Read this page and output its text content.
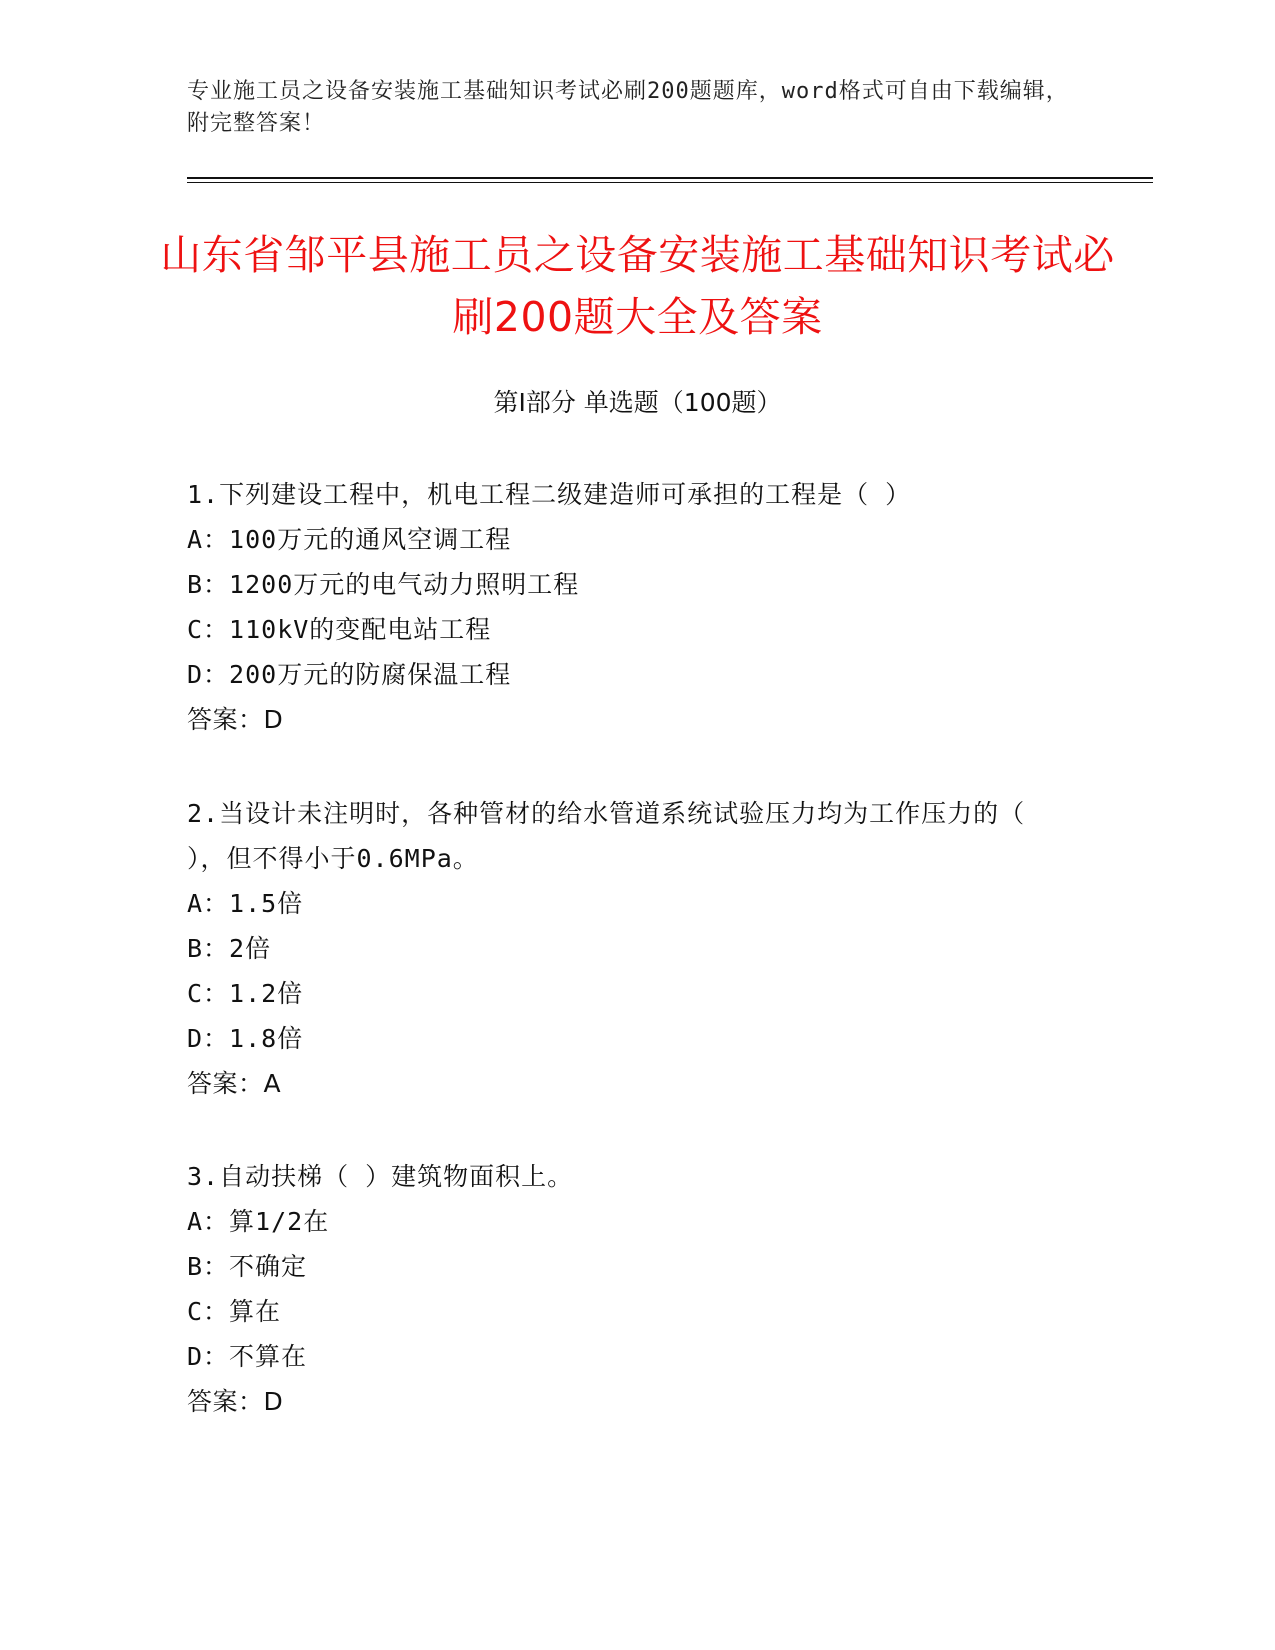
专业施工员之设备安装施工基础知识考试必刷200题题库，word格式可自由下载编辑，附完整答案！
山东省邹平县施工员之设备安装施工基础知识考试必刷200题大全及答案
第Ⅰ部分 单选题（100题）
1.下列建设工程中，机电工程二级建造师可承担的工程是（ ）
A：100万元的通风空调工程
B：1200万元的电气动力照明工程
C：110kV的变配电站工程
D：200万元的防腐保温工程
答案：D
2.当设计未注明时，各种管材的给水管道系统试验压力均为工作压力的（ ），但不得小于0.6MPa。
A：1.5倍
B：2倍
C：1.2倍
D：1.8倍
答案：A
3.自动扶梯（ ）建筑物面积上。
A：算1/2在
B：不确定
C：算在
D：不算在
答案：D
